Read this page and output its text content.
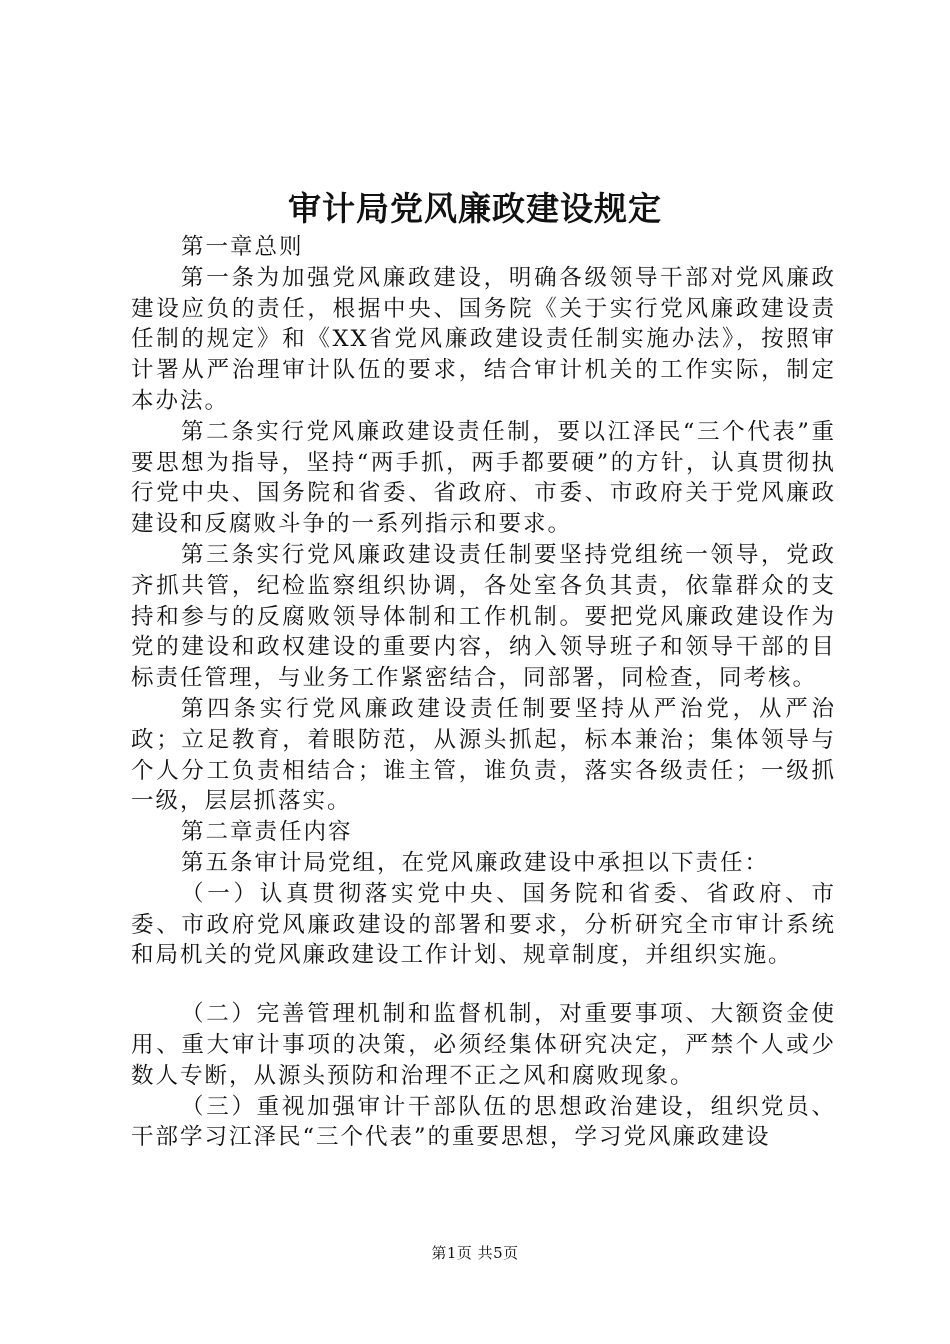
审计局党风廉政建设规定

第一章总则

第一条为加强党风廉政建设，明确各级领导干部对党风廉政建设应负的责任，根据中央、国务院《关于实行党风廉政建设责任制的规定》和《XX省党风廉政建设责任制实施办法》，按照审计署从严治理审计队伍的要求，结合审计机关的工作实际，制定本办法。

第二条实行党风廉政建设责任制，要以江泽民“三个代表”重要思想为指导，坚持“两手抓，两手都要硬”的方针，认真贯彻执行党中央、国务院和省委、省政府、市委、市政府关于党风廉政建设和反腐败斗争的一系列指示和要求。

第三条实行党风廉政建设责任制要坚持党组统一领导，党政齐抓共管，纪检监察组织协调，各处室各负其责，依靠群众的支持和参与的反腐败领导体制和工作机制。要把党风廉政建设作为党的建设和政权建设的重要内容，纳入领导班子和领导干部的目标责任管理，与业务工作紧密结合，同部署，同检查，同考核。

第四条实行党风廉政建设责任制要坚持从严治党，从严治政；立足教育，着眼防范，从源头抓起，标本兼治；集体领导与个人分工负责相结合；谁主管，谁负责，落实各级责任；一级抓一级，层层抓落实。

第二章责任内容

第五条审计局党组，在党风廉政建设中承担以下责任：

（一）认真贯彻落实党中央、国务院和省委、省政府、市委、市政府党风廉政建设的部署和要求，分析研究全市审计系统和局机关的党风廉政建设工作计划、规章制度，并组织实施。

（二）完善管理机制和监督机制，对重要事项、大额资金使用、重大审计事项的决策，必须经集体研究决定，严禁个人或少数人专断，从源头预防和治理不正之风和腐败现象。

（三）重视加强审计干部队伍的思想政治建设，组织党员、干部学习江泽民“三个代表”的重要思想，学习党风廉政建设

第1页 共5页
